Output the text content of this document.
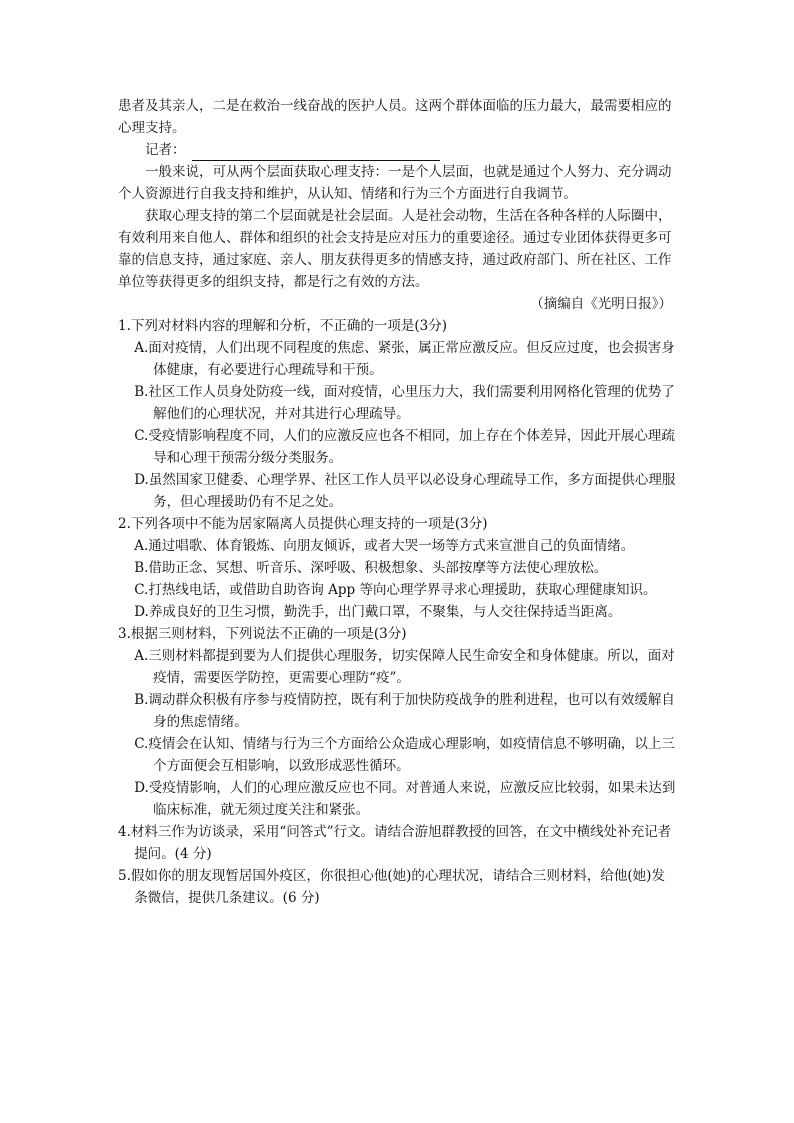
患者及其亲人，二是在救治一线奋战的医护人员。这两个群体面临的压力最大，最需要相应的心理支持。

记者：

一般来说，可从两个层面获取心理支持：一是个人层面，也就是通过个人努力、充分调动个人资源进行自我支持和维护，从认知、情绪和行为三个方面进行自我调节。

获取心理支持的第二个层面就是社会层面。人是社会动物，生活在各种各样的人际圈中，有效利用来自他人、群体和组织的社会支持是应对压力的重要途径。通过专业团体获得更多可靠的信息支持，通过家庭、亲人、朋友获得更多的情感支持，通过政府部门、所在社区、工作单位等获得更多的组织支持，都是行之有效的方法。

（摘编自《光明日报》）

1.下列对材料内容的理解和分析，不正确的一项是(3分)

A.面对疫情，人们出现不同程度的焦虑、紧张，属正常应激反应。但反应过度，也会损害身体健康，有必要进行心理疏导和干预。

B.社区工作人员身处防疫一线，面对疫情，心里压力大，我们需要利用网格化管理的优势了解他们的心理状况，并对其进行心理疏导。

C.受疫情影响程度不同，人们的应激反应也各不相同，加上存在个体差异，因此开展心理疏导和心理干预需分级分类服务。

D.虽然国家卫健委、心理学界、社区工作人员平以必设身心理疏导工作，多方面提供心理服务，但心理援助仍有不足之处。

2.下列各项中不能为居家隔离人员提供心理支持的一项是(3分)

A.通过唱歌、体育锻炼、向朋友倾诉，或者大哭一场等方式来宣泄自己的负面情绪。

B.借助正念、冥想、听音乐、深呼吸、积极想象、头部按摩等方法使心理放松。

C.打热线电话，或借助自助咨询 App 等向心理学界寻求心理援助，获取心理健康知识。

D.养成良好的卫生习惯，勤洗手，出门戴口罩，不聚集，与人交往保持适当距离。

3.根据三则材料，下列说法不正确的一项是(3分)

A.三则材料都提到要为人们提供心理服务，切实保障人民生命安全和身体健康。所以，面对疫情，需要医学防控，更需要心理防“疫”。

B.调动群众积极有序参与疫情防控，既有利于加快防疫战争的胜利进程，也可以有效缓解自身的焦虑情绪。

C.疫情会在认知、情绪与行为三个方面给公众造成心理影响，如疫情信息不够明确，以上三个方面便会互相影响，以致形成恶性循环。

D.受疫情影响，人们的心理应激反应也不同。对普通人来说，应激反应比较弱，如果未达到临床标准，就无须过度关注和紧张。

4.材料三作为访谈录，采用“问答式”行文。请结合游旭群教授的回答，在文中横线处补充记者提问。(4 分)

5.假如你的朋友现暂居国外疫区，你很担心他(她)的心理状况，请结合三则材料，给他(她)发条微信，提供几条建议。(6 分)
